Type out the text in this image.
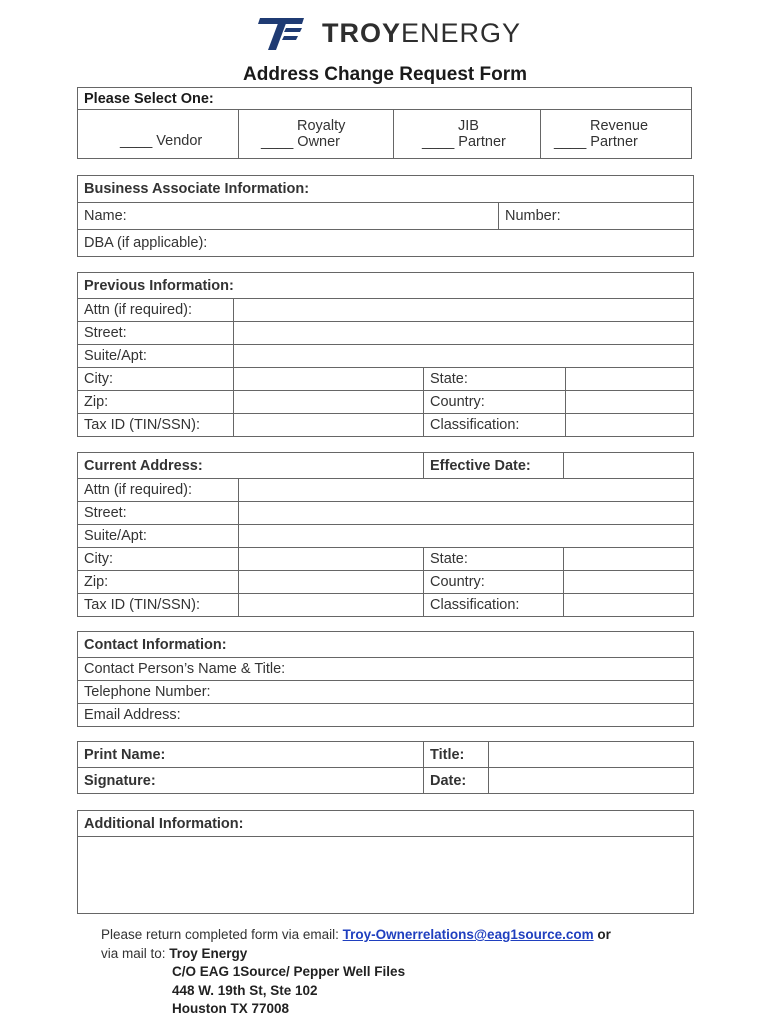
TROYENERGY
Address Change Request Form
Please Select One:

____ Vendor

Royalty
____ Owner

JIB
____ Partner

Revenue
____ Partner
Business Associate Information:
Name:	Number:
DBA (if applicable):
Previous Information:			
Attn (if required):			
Street:			
Suite/Apt:			
City:		State:	
Zip:		Country:	
Tax ID (TIN/SSN):		Classification:	
Current Address:		Effective Date:	
Attn (if required):			
Street:			
Suite/Apt:			
City:		State:	
Zip:		Country:	
Tax ID (TIN/SSN):		Classification:	
Contact Information:
Contact Person’s Name & Title:
Telephone Number:
Email Address:
Print Name:	Title:	
Signature:	Date:	
Additional Information:

Please return completed form via email: Troy-Ownerrelations@eag1source.com or
via mail to: Troy Energy
C/O EAG 1Source/ Pepper Well Files
448 W. 19th St, Ste 102
Houston TX 77008
